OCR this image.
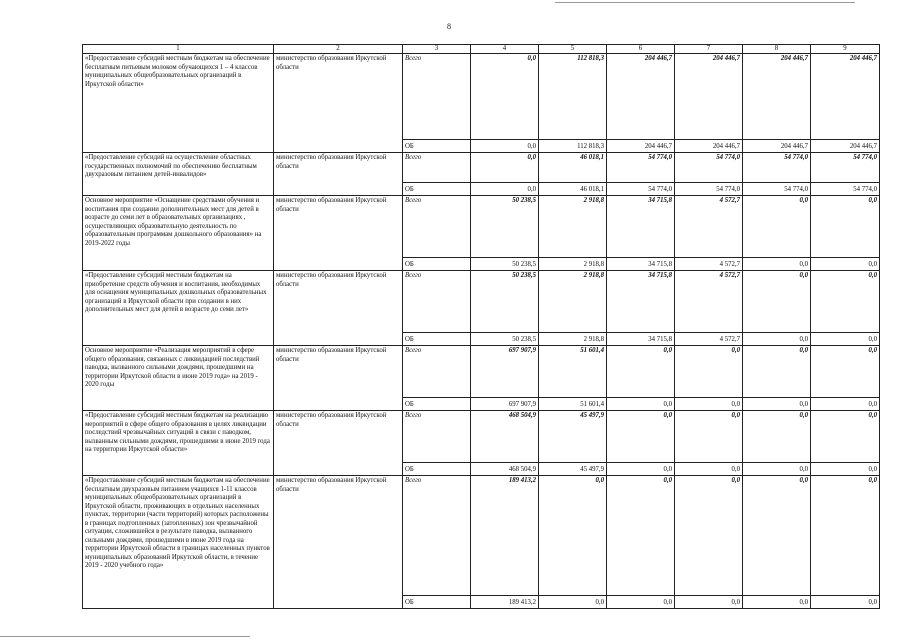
8
1	2	3	4	5	6	7	8	9
«Предоставление субсидий местным бюджетам на обеспечение бесплатным питьевым молоком обучающихся 1 – 4 классов муниципальных общеобразовательных организаций в Иркутской области»	министерство образования Иркутской области	Всего	0,0	112 818,3	204 446,7	204 446,7	204 446,7	204 446,7
		ОБ	0,0	112 818,3	204 446,7	204 446,7	204 446,7	204 446,7
«Предоставление субсидий на осуществление областных государственных полномочий по обеспечению бесплатным двухразовым питанием детей-инвалидов»	министерство образования Иркутской области	Всего	0,0	46 018,1	54 774,0	54 774,0	54 774,0	54 774,0
		ОБ	0,0	46 018,1	54 774,0	54 774,0	54 774,0	54 774,0
Основное мероприятие «Оснащение средствами обучения и воспитания при создании дополнительных мест для детей в возрасте до семи лет в образовательных организациях , осуществляющих образовательную деятельность по образовательным программам дошкольного образования» на 2019-2022 годы	министерство образования Иркутской области	Всего	50 238,5	2 918,8	34 715,8	4 572,7	0,0	0,0
		ОБ	50 238,5	2 918,8	34 715,8	4 572,7	0,0	0,0
«Предоставление субсидий местным бюджетам на приобретение средств обучения и воспитания, необходимых для оснащения муниципальных дошкольных образовательных организаций в Иркутской области при создании в них дополнительных мест для детей в возрасте до семи лет»	министерство образования Иркутской области	Всего	50 238,5	2 918,8	34 715,8	4 572,7	0,0	0,0
		ОБ	50 238,5	2 918,8	34 715,8	4 572,7	0,0	0,0
Основное мероприятие «Реализация мероприятий в сфере общего образования, связанных с ликвидацией последствий паводка, вызванного сильными дождями, прошедшими на территории Иркутской области в июне 2019 года» на 2019 - 2020 годы	министерство образования Иркутской области	Всего	697 907,9	51 601,4	0,0	0,0	0,0	0,0
		ОБ	697 907,9	51 601,4	0,0	0,0	0,0	0,0
«Предоставление субсидий местным бюджетам на реализацию мероприятий в сфере общего образования в целях ликвидации последствий чрезвычайных ситуаций в связи с паводком, вызванным сильными дождями, прошедшими в июне 2019 года на территории Иркутской области»	министерство образования Иркутской области	Всего	468 504,9	45 497,9	0,0	0,0	0,0	0,0
		ОБ	468 504,9	45 497,9	0,0	0,0	0,0	0,0
«Предоставление субсидий местным бюджетам на обеспечение бесплатным двухразовым питанием учащихся 1-11 классов муниципальных общеобразовательных организаций в Иркутской области, проживающих в отдельных населенных пунктах, территории (части территорий) которых расположены в границах подтопленных (затопленных) зон чрезвычайной ситуации, сложившейся в результате паводка, вызванного сильными дождями, прошедшими в июне 2019 года на территории Иркутской области в границах населенных пунктов муниципальных образований Иркутской области, в течение 2019 - 2020 учебного года»	министерство образования Иркутской области	Всего	189 413,2	0,0	0,0	0,0	0,0	0,0
		ОБ	189 413,2	0,0	0,0	0,0	0,0	0,0
